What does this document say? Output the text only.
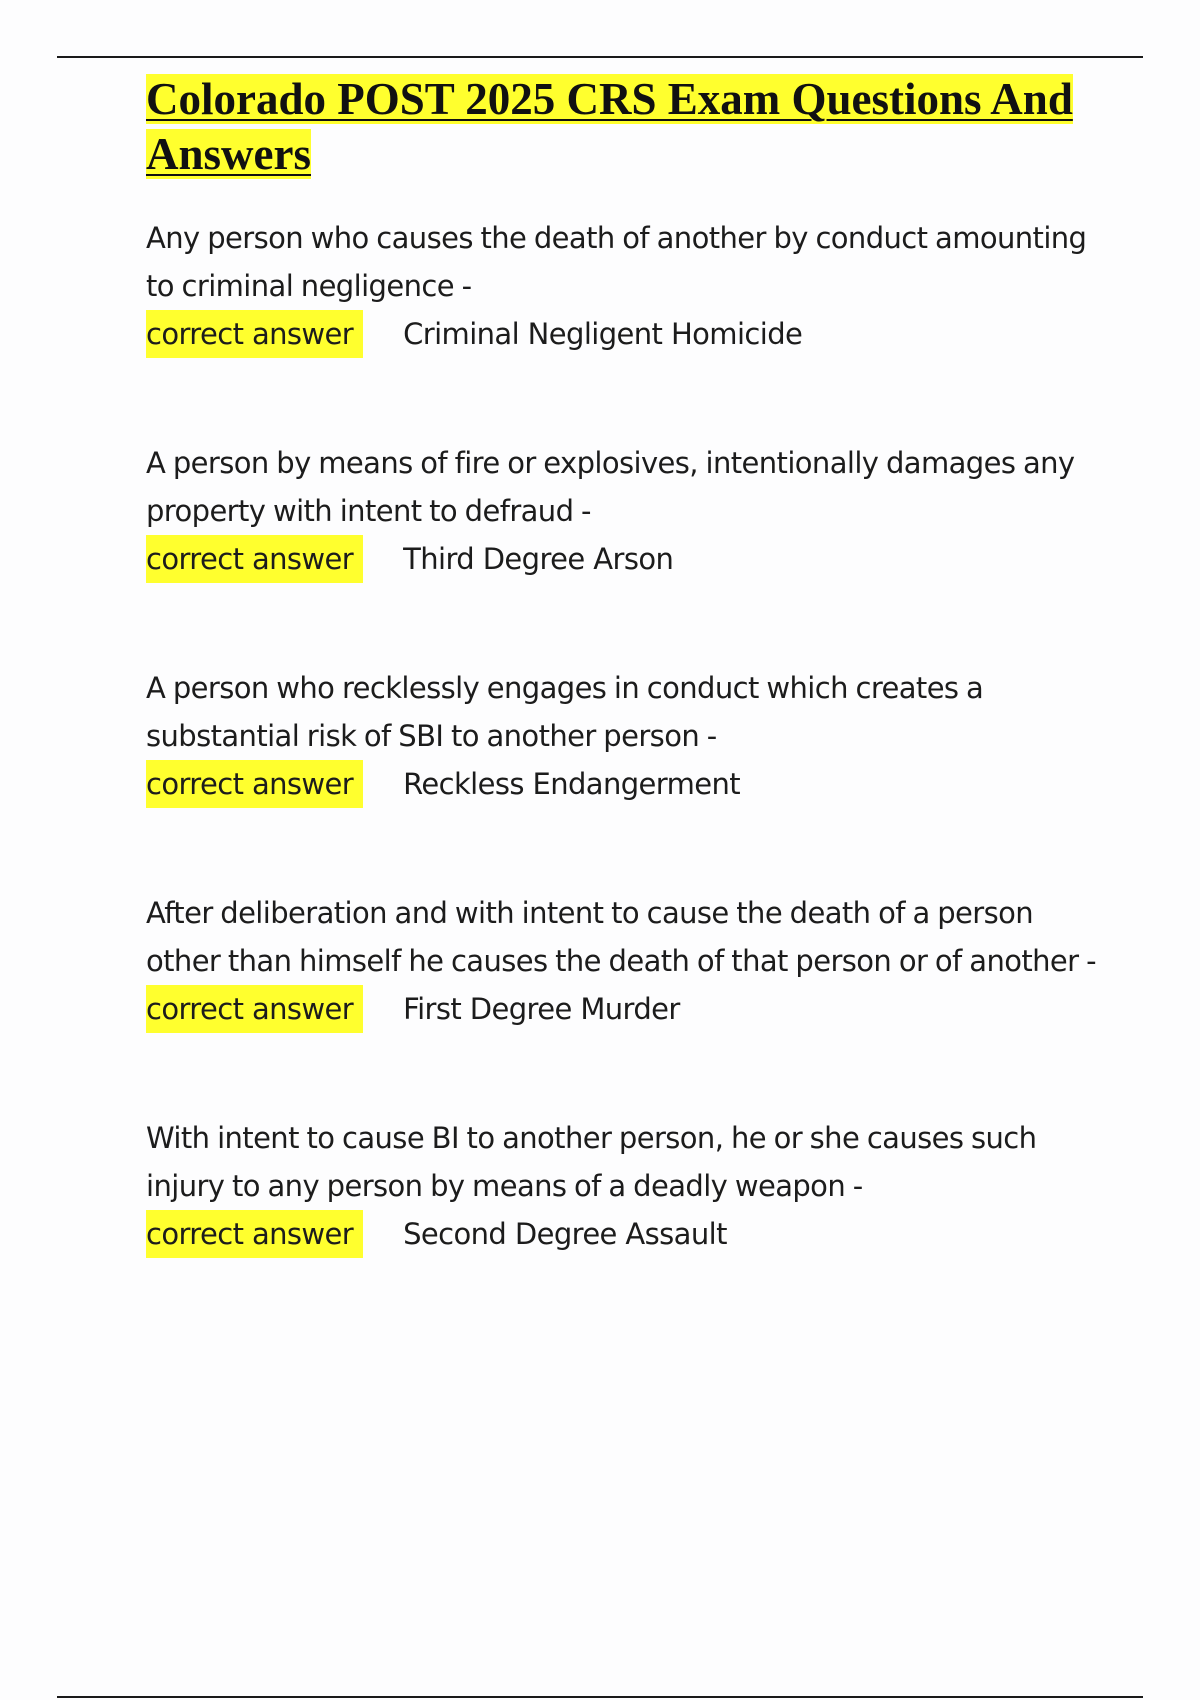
Colorado POST 2025 CRS Exam Questions And Answers

Any person who causes the death of another by conduct amounting to criminal negligence -

correct answer	Criminal Negligent Homicide

A person by means of fire or explosives, intentionally damages any property with intent to defraud -

correct answer	Third Degree Arson

A person who recklessly engages in conduct which creates a substantial risk of SBI to another person -

correct answer	Reckless Endangerment

After deliberation and with intent to cause the death of a person other than himself he causes the death of that person or of another -

correct answer	First Degree Murder

With intent to cause BI to another person, he or she causes such injury to any person by means of a deadly weapon -

correct answer	Second Degree Assault
